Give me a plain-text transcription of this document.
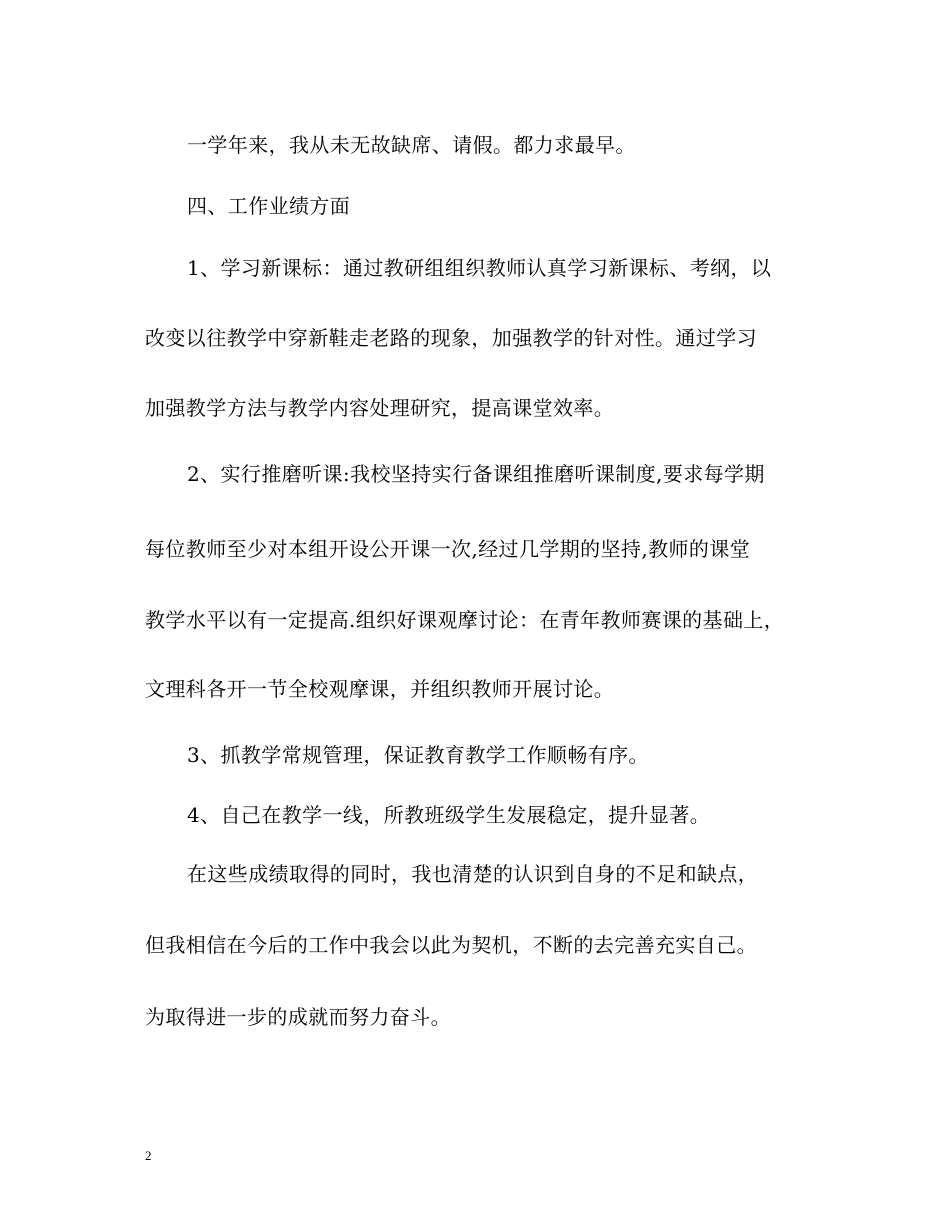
一学年来，我从未无故缺席、请假。都力求最早。

四、工作业绩方面

1、学习新课标：通过教研组组织教师认真学习新课标、考纲，以

改变以往教学中穿新鞋走老路的现象，加强教学的针对性。通过学习

加强教学方法与教学内容处理研究，提高课堂效率。

2、实行推磨听课:我校坚持实行备课组推磨听课制度,要求每学期

每位教师至少对本组开设公开课一次,经过几学期的坚持,教师的课堂

教学水平以有一定提高.组织好课观摩讨论：在青年教师赛课的基础上，

文理科各开一节全校观摩课，并组织教师开展讨论。

3、抓教学常规管理，保证教育教学工作顺畅有序。

4、自己在教学一线，所教班级学生发展稳定，提升显著。

在这些成绩取得的同时，我也清楚的认识到自身的不足和缺点，

但我相信在今后的工作中我会以此为契机，不断的去完善充实自己。

为取得进一步的成就而努力奋斗。

2
